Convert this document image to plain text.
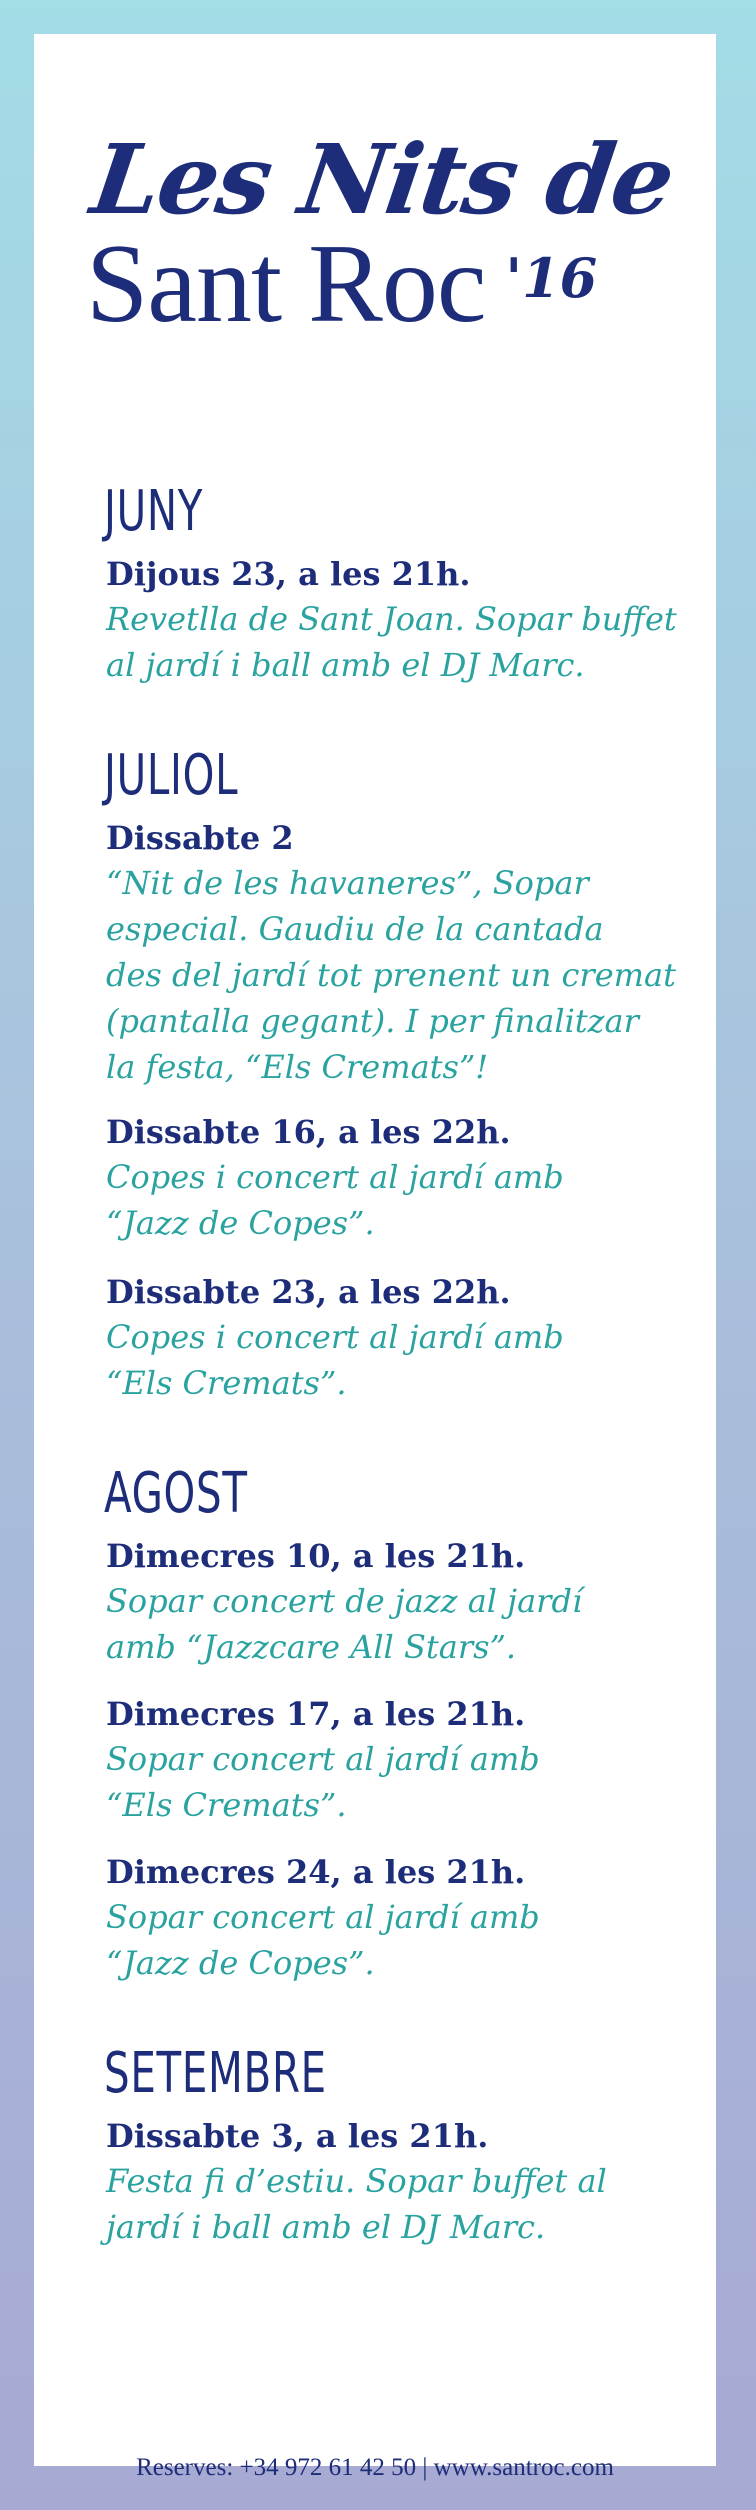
Les Nits de
Sant Roc '16
JUNY
Dijous 23, a les 21h.
Revetlla de Sant Joan. Sopar buffet
al jardí i ball amb el DJ Marc.
JULIOL
Dissabte 2
“Nit de les havaneres”, Sopar
especial. Gaudiu de la cantada
des del jardí tot prenent un cremat
(pantalla gegant). I per finalitzar
la festa, “Els Cremats”!
Dissabte 16, a les 22h.
Copes i concert al jardí amb
“Jazz de Copes”.
Dissabte 23, a les 22h.
Copes i concert al jardí amb
“Els Cremats”.
AGOST
Dimecres 10, a les 21h.
Sopar concert de jazz al jardí
amb “Jazzcare All Stars”.
Dimecres 17, a les 21h.
Sopar concert al jardí amb
“Els Cremats”.
Dimecres 24, a les 21h.
Sopar concert al jardí amb
“Jazz de Copes”.
SETEMBRE
Dissabte 3, a les 21h.
Festa fi d’estiu. Sopar buffet al
jardí i ball amb el DJ Marc.
Reserves: +34 972 61 42 50 | www.santroc.com
